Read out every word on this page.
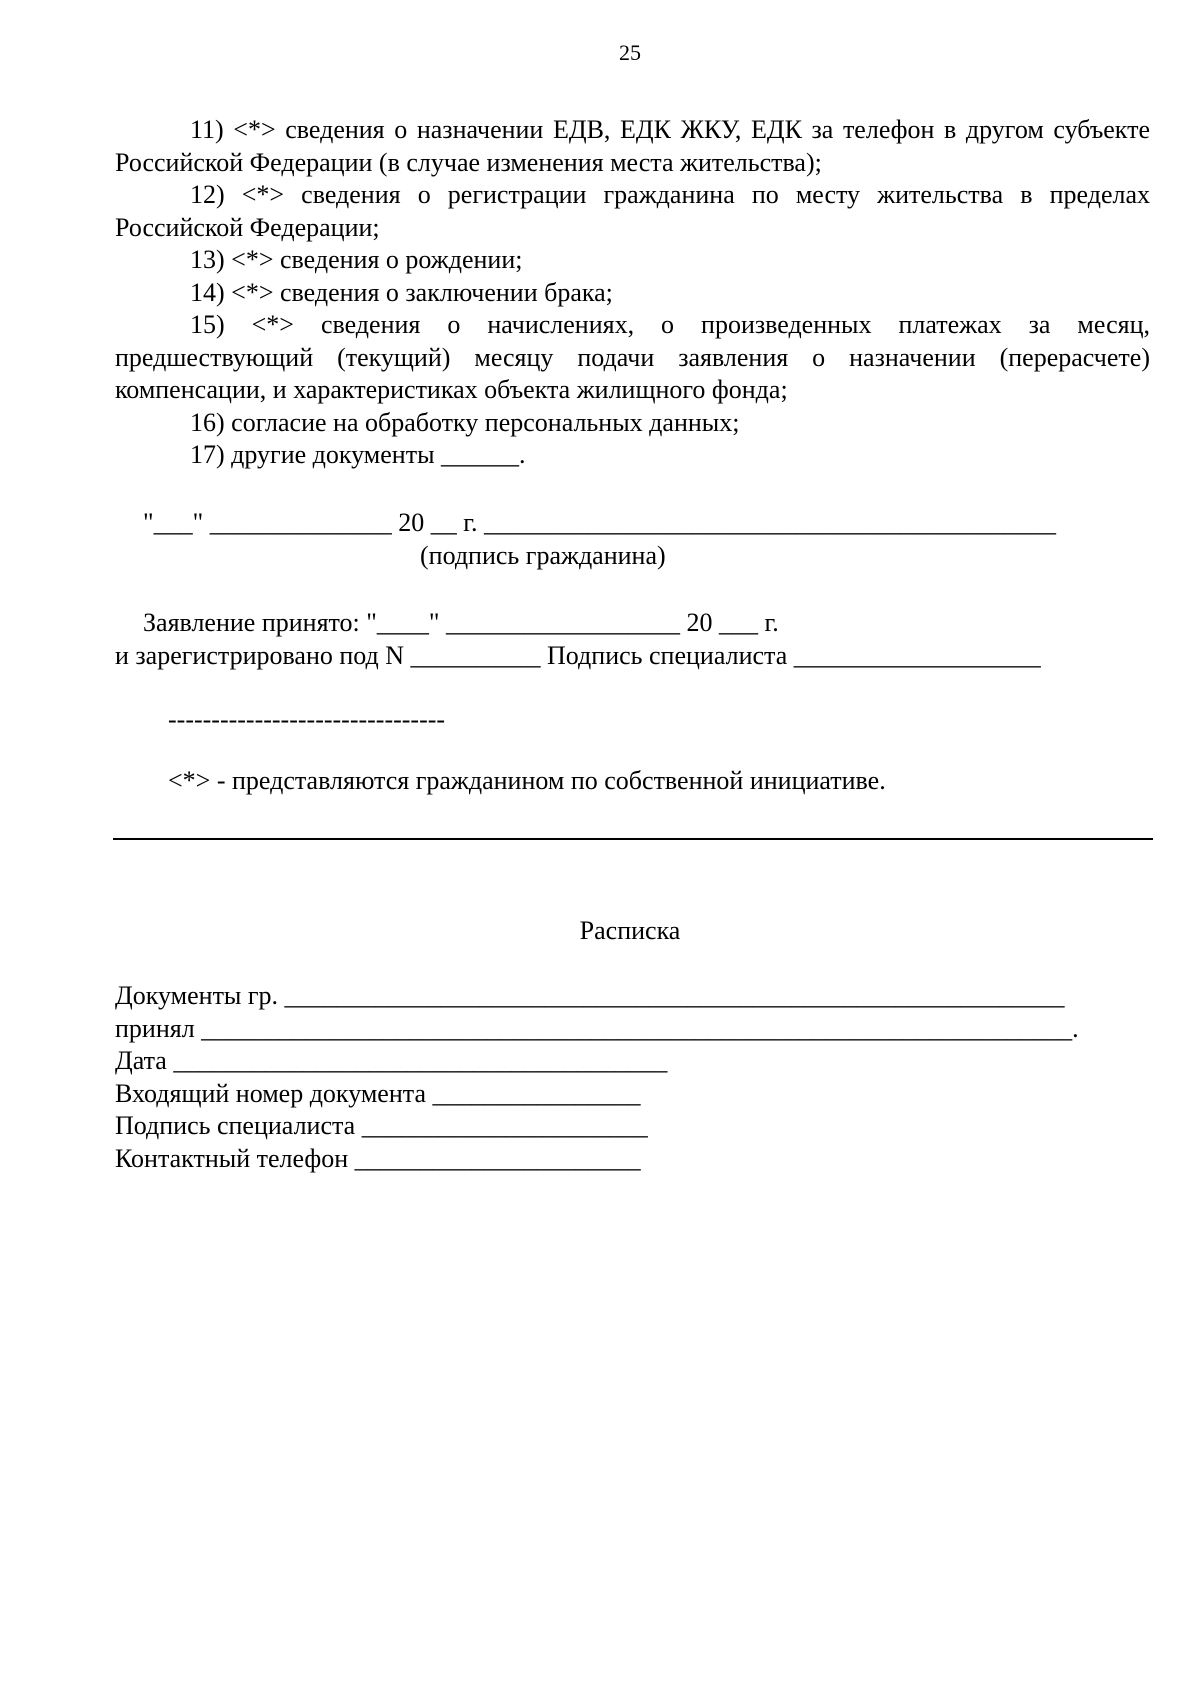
25

11) <*> сведения о назначении ЕДВ, ЕДК ЖКУ, ЕДК за телефон в другом субъекте Российской Федерации (в случае изменения места жительства);

12) <*> сведения о регистрации гражданина по месту жительства в пределах Российской Федерации;

13) <*> сведения о рождении;

14) <*> сведения о заключении брака;

15) <*> сведения о начислениях, о произведенных платежах за месяц, предшествующий (текущий) месяцу подачи заявления о назначении (перерасчете) компенсации, и характеристиках объекта жилищного фонда;

16) согласие на обработку персональных данных;

17) другие документы ______.

"___" ______________ 20 __ г. ____________________________________________
(подпись гражданина)
Заявление принято: "____" __________________ 20 ___ г.
и зарегистрировано под N __________ Подпись специалиста ___________________
--------------------------------
<*> - представляются гражданином по собственной инициативе.
Расписка
Документы гр. ____________________________________________________________
принял ___________________________________________________________________.
Дата ______________________________________
Входящий номер документа ________________
Подпись специалиста ______________________
Контактный телефон ______________________
